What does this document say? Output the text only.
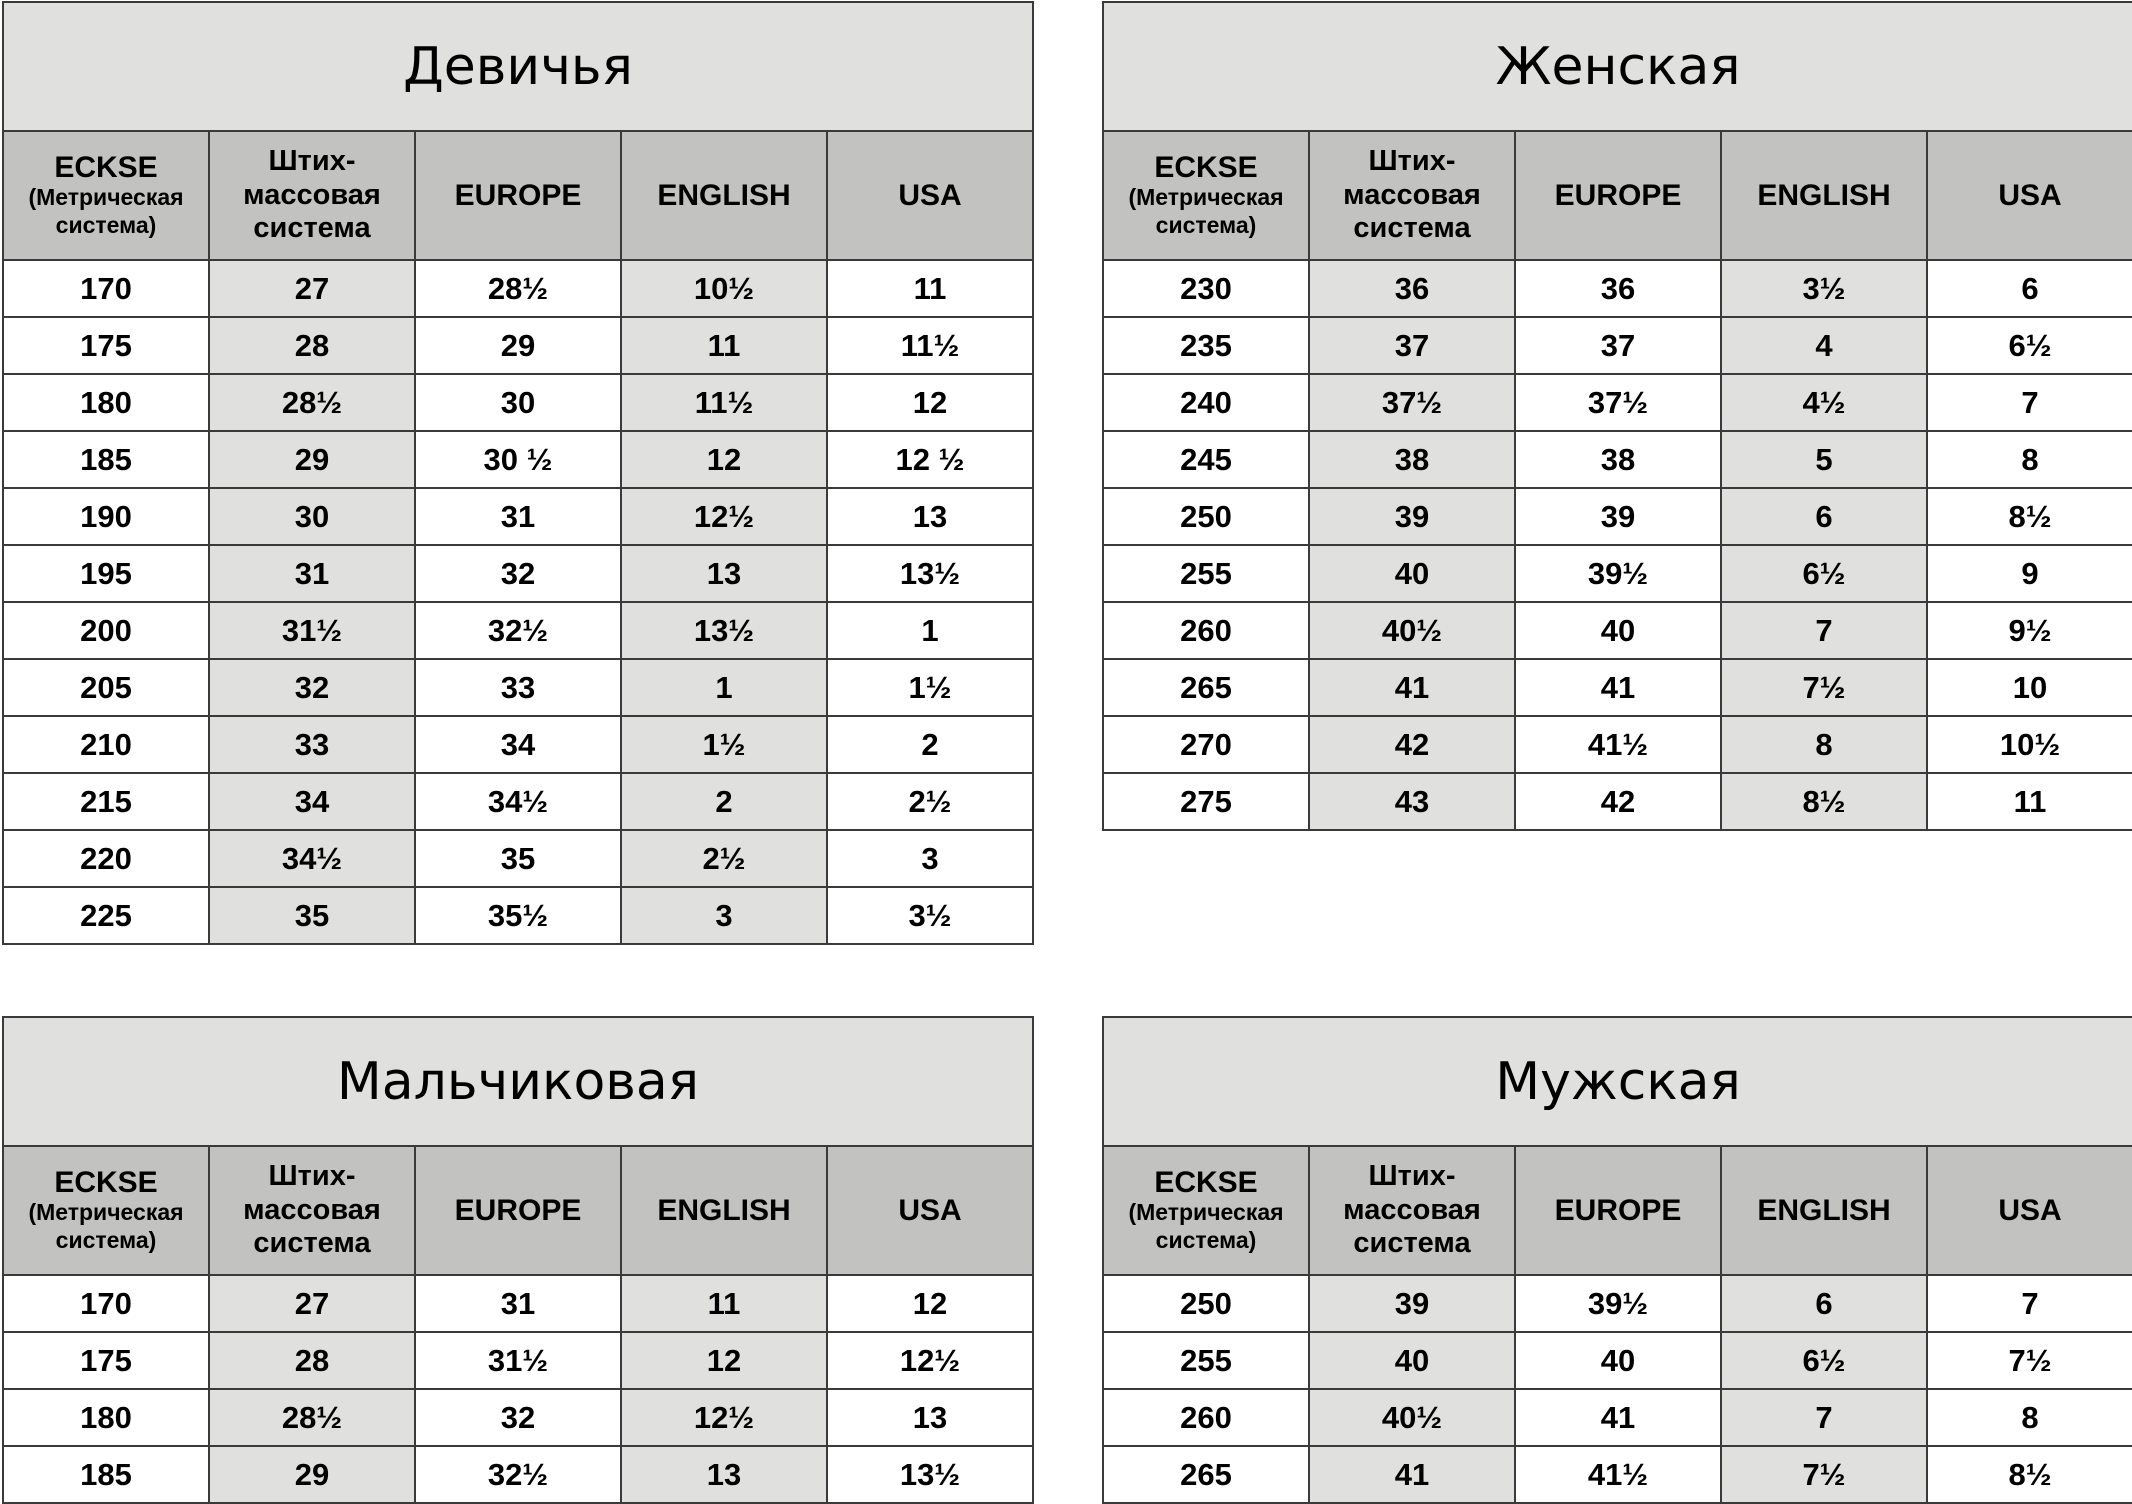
Девичья				

ECKSE
(Метрическая система)	Штих-
массовая
система	EUROPE	ENGLISH	USA
170	27	28½	10½	11
175	28	29	11	11½
180	28½	30	11½	12
185	29	30 ½	12	12 ½
190	30	31	12½	13
195	31	32	13	13½
200	31½	32½	13½	1
205	32	33	1	1½
210	33	34	1½	2
215	34	34½	2	2½
220	34½	35	2½	3
225	35	35½	3	3½
Женская				

ECKSE
(Метрическая система)	Штих-
массовая
система	EUROPE	ENGLISH	USA
230	36	36	3½	6
235	37	37	4	6½
240	37½	37½	4½	7
245	38	38	5	8
250	39	39	6	8½
255	40	39½	6½	9
260	40½	40	7	9½
265	41	41	7½	10
270	42	41½	8	10½
275	43	42	8½	11
Мальчиковая				

ECKSE
(Метрическая система)	Штих-
массовая
система	EUROPE	ENGLISH	USA
170	27	31	11	12
175	28	31½	12	12½
180	28½	32	12½	13
185	29	32½	13	13½
Мужская				

ECKSE
(Метрическая система)	Штих-
массовая
система	EUROPE	ENGLISH	USA
250	39	39½	6	7
255	40	40	6½	7½
260	40½	41	7	8
265	41	41½	7½	8½
